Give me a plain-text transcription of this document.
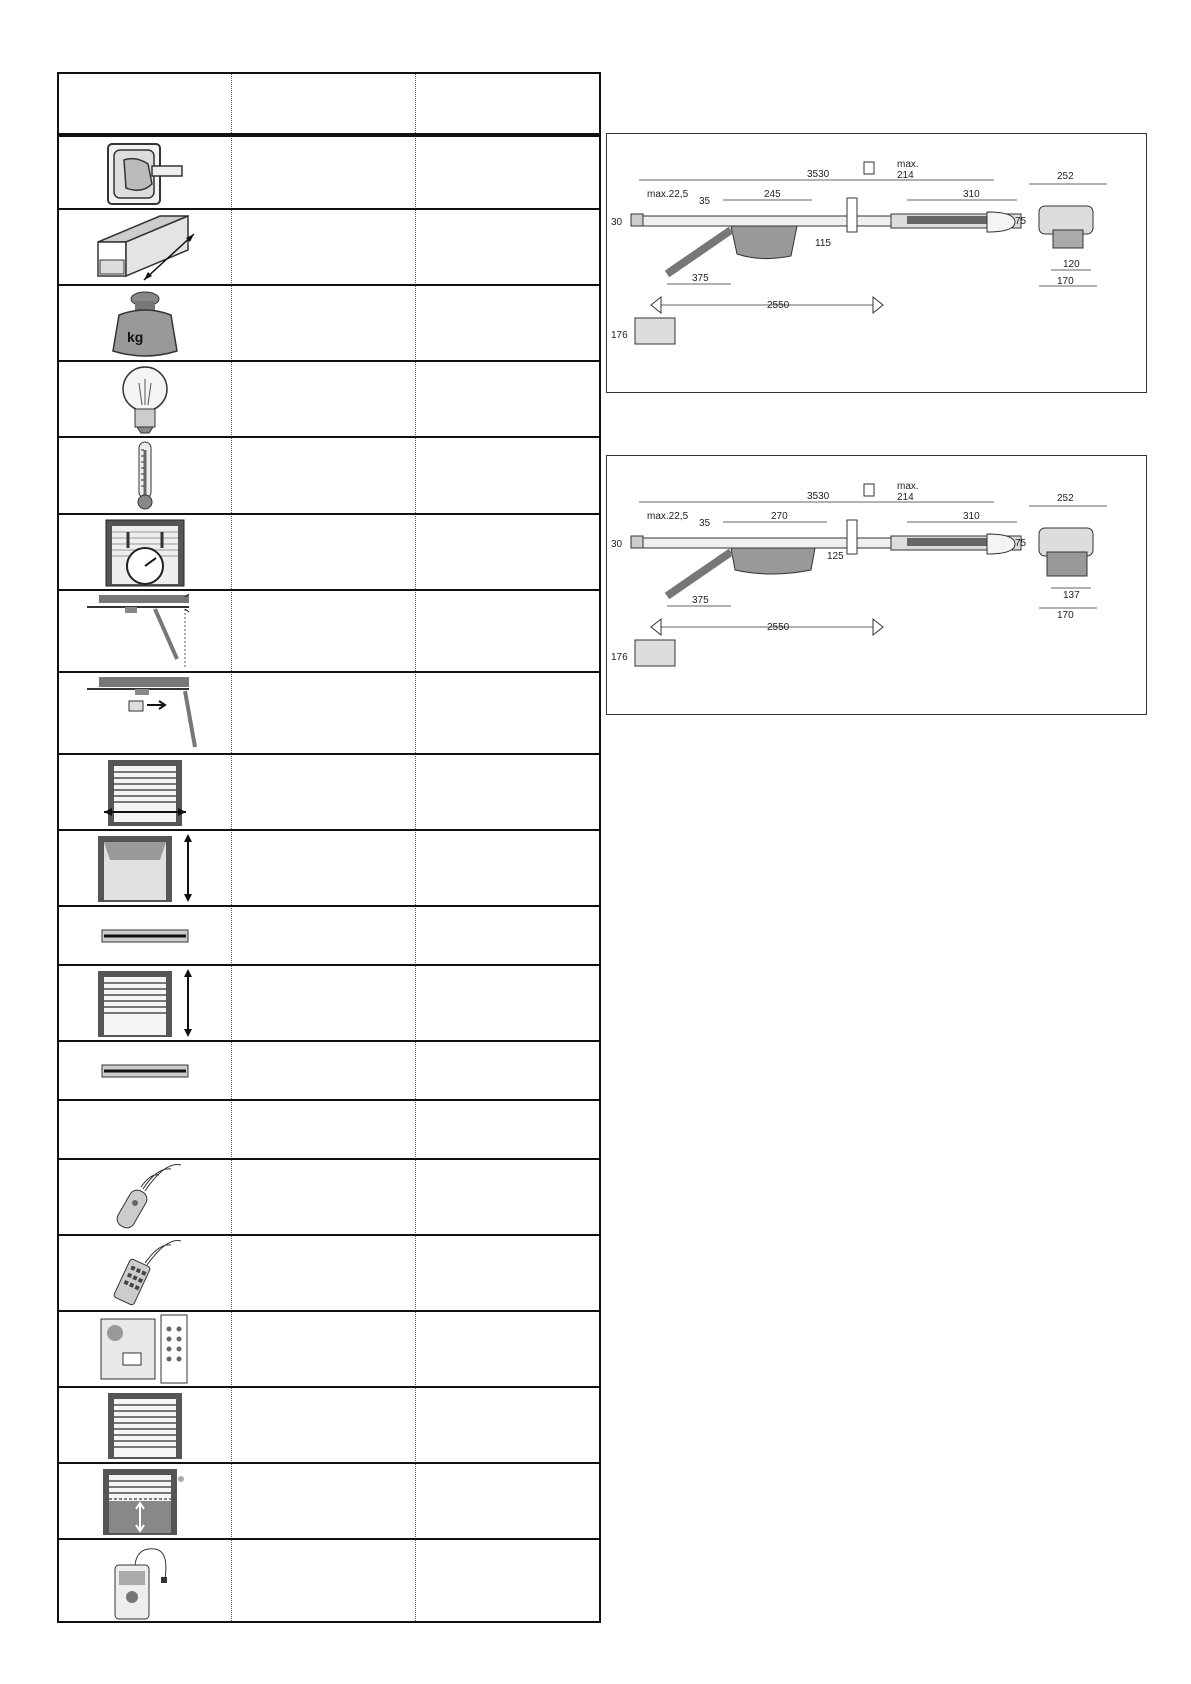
kg
3530
max.
214
max.22,5
35
245	310
30
115
375
2550
176
75
252
120
170
3530
max.
214
max.22,5
35
270	310
30
125
375
2550
176
75
252
137
170
